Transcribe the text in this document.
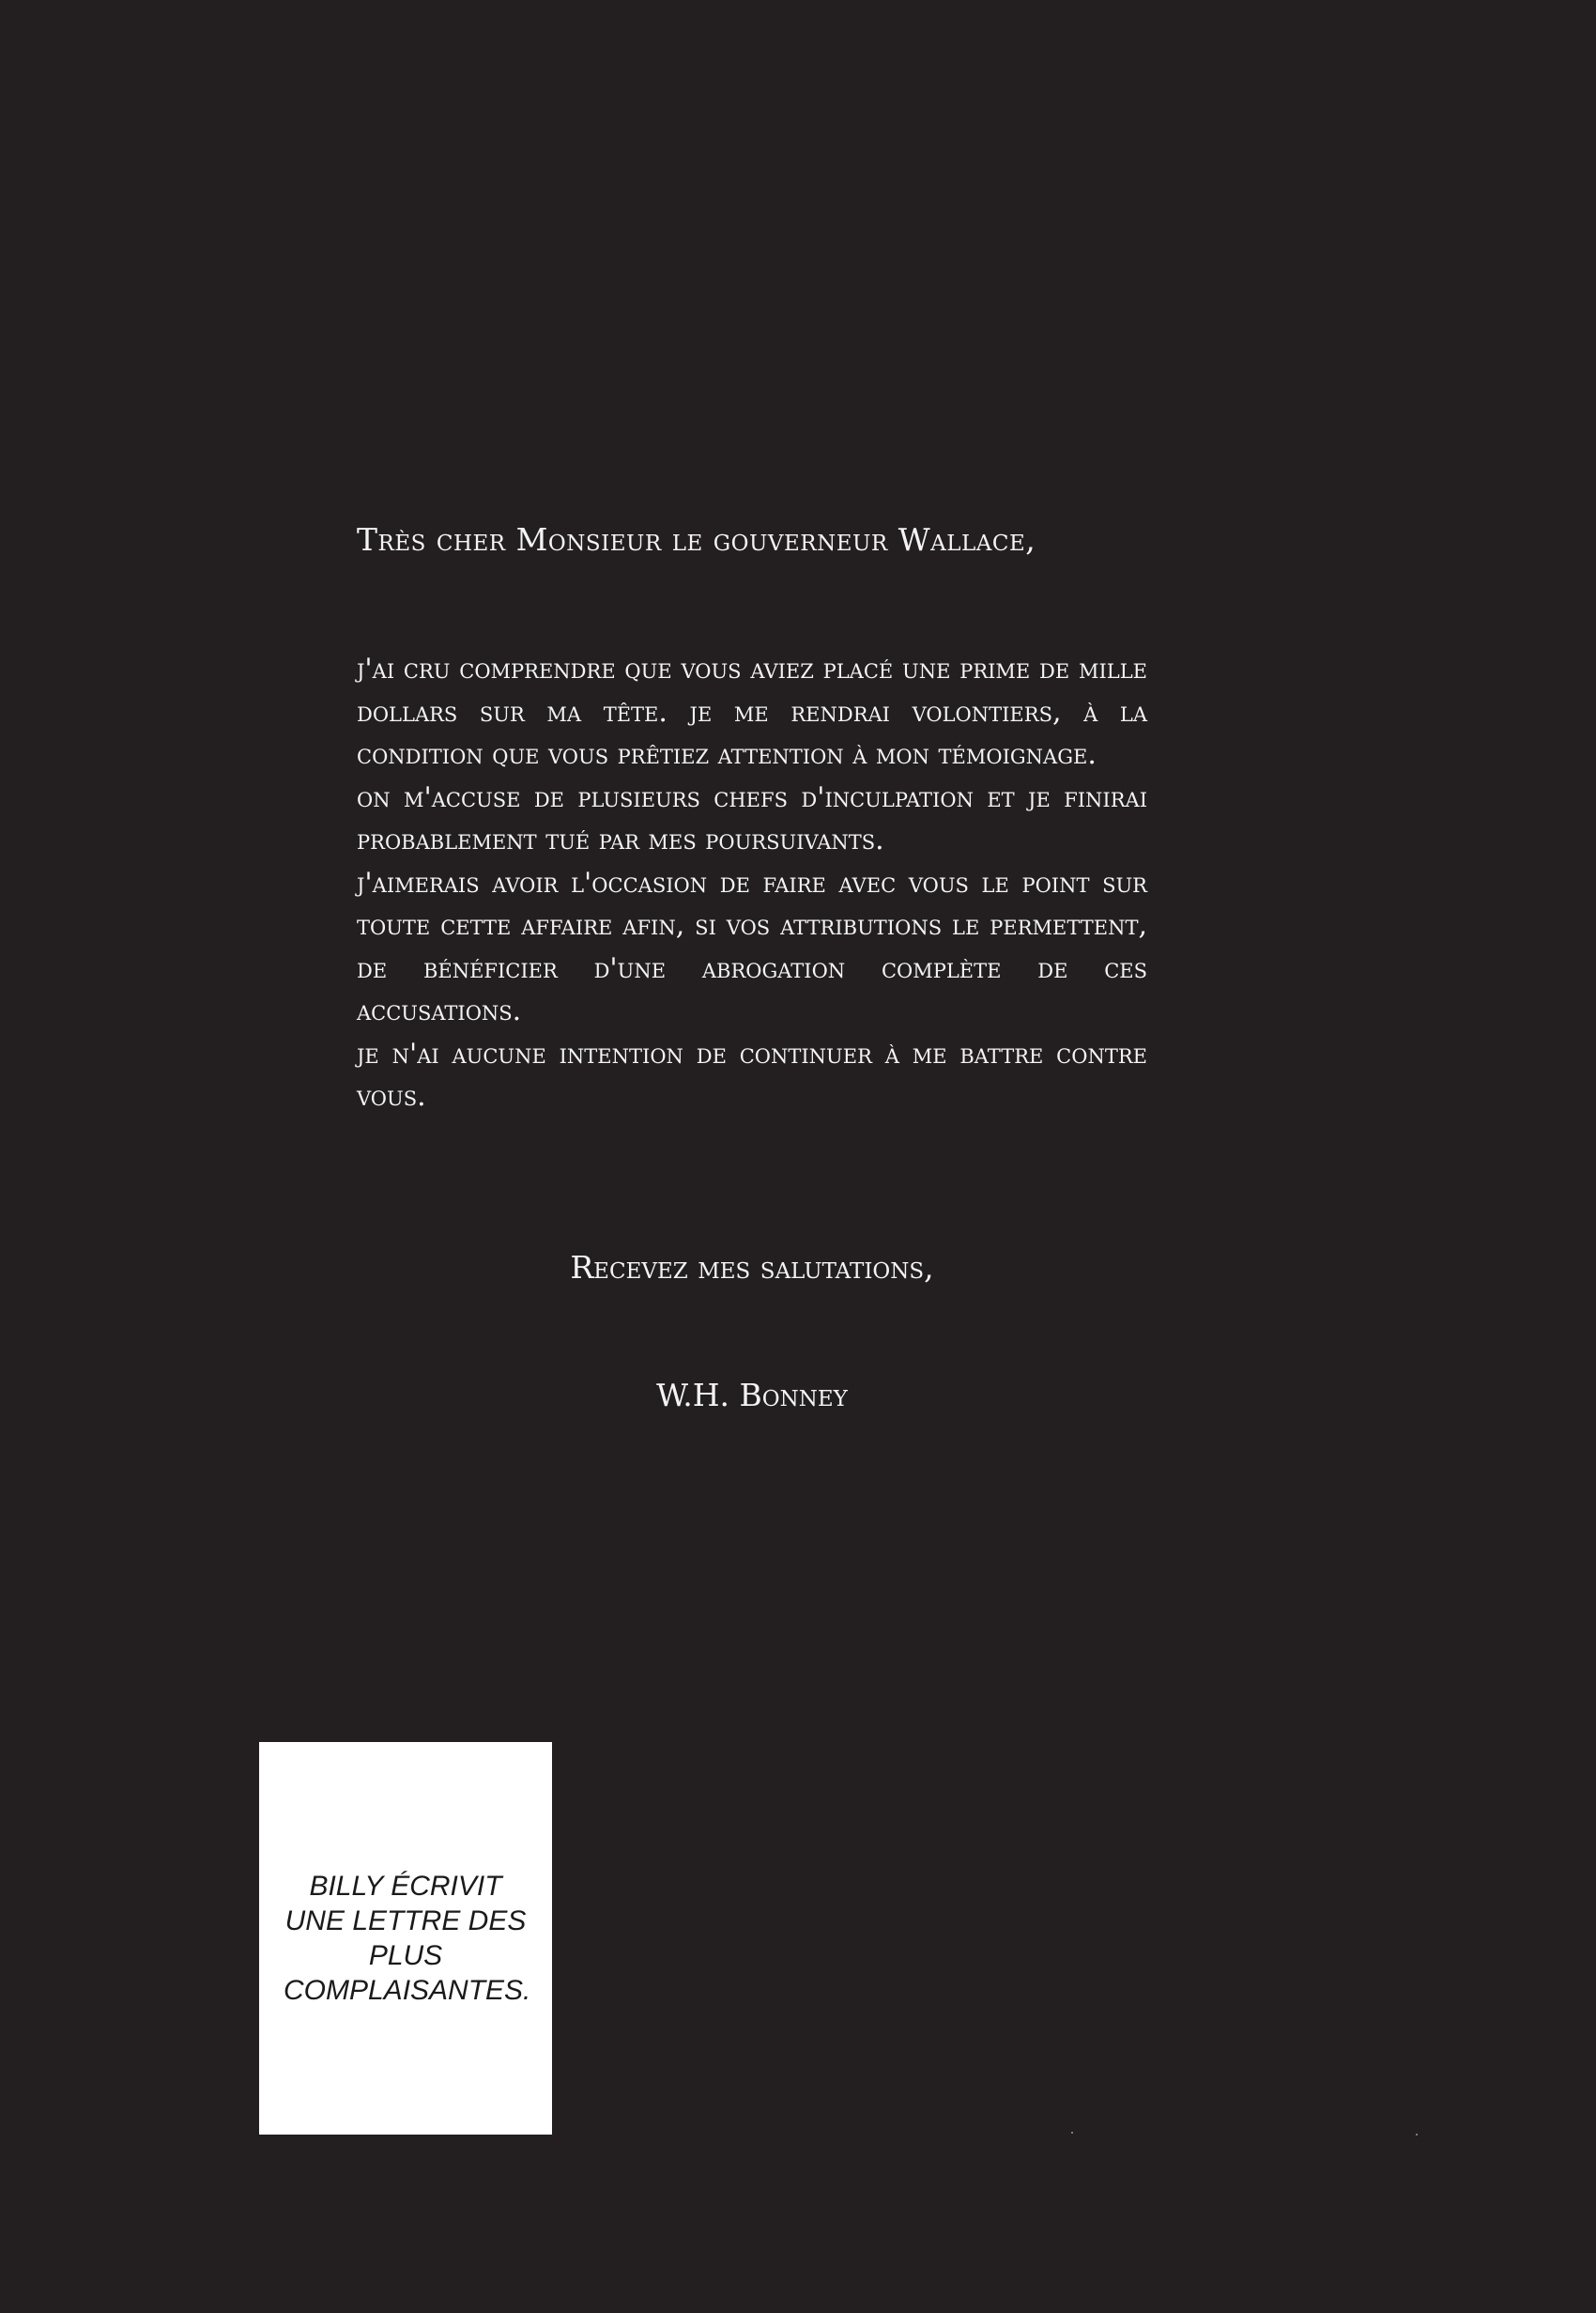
Très cher Monsieur le gouverneur Wallace,

j'ai cru comprendre que vous aviez placé une prime de mille dollars sur ma tête. je me rendrai volontiers, à la condition que vous prêtiez attention à mon témoignage.

on m'accuse de plusieurs chefs d'inculpation et je finirai probablement tué par mes poursuivants.

j'aimerais avoir l'occasion de faire avec vous le point sur toute cette affaire afin, si vos attributions le permettent, de bénéficier d'une abrogation complète de ces accusations.

je n'ai aucune intention de continuer à me battre contre vous.

Recevez mes salutations,
W.H. Bonney
BILLY ÉCRIVIT UNE LETTRE DES PLUS COMPLAISANTES.
